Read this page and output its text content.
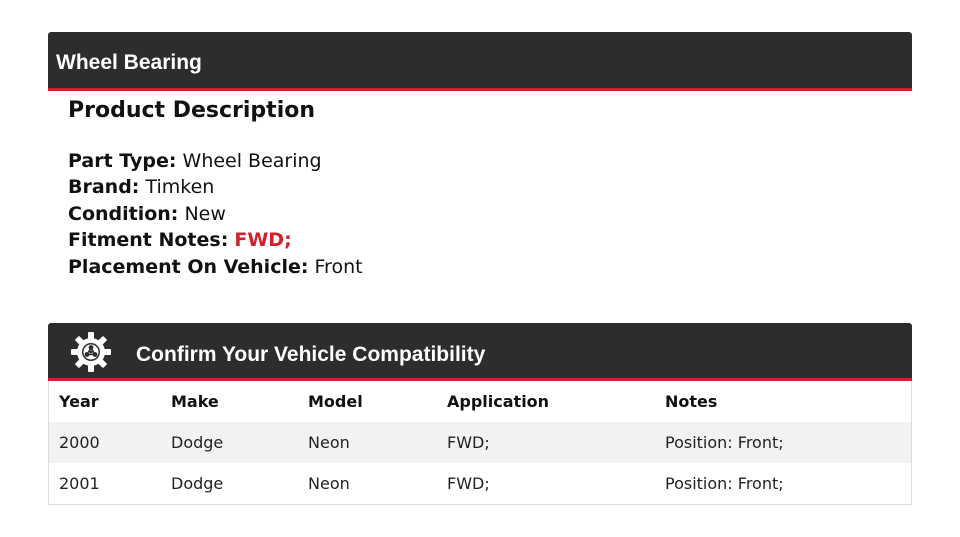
Wheel Bearing
Product Description
Part Type: Wheel Bearing
Brand: Timken
Condition: New
Fitment Notes: FWD;
Placement On Vehicle: Front
Confirm Your Vehicle Compatibility
Year	Make	Model	Application	Notes
2000	Dodge	Neon	FWD;	Position: Front;
2001	Dodge	Neon	FWD;	Position: Front;
